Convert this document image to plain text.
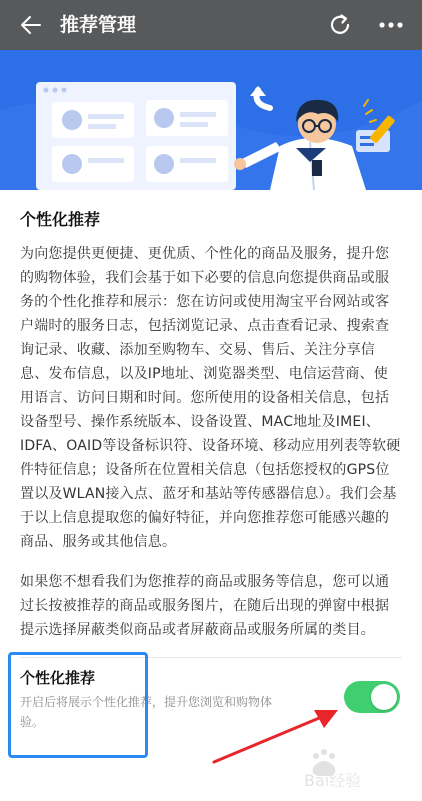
推荐管理
个性化推荐

为向您提供更便捷、更优质、个性化的商品及服务，提升您的购物体验，我们会基于如下必要的信息向您提供商品或服务的个性化推荐和展示：您在访问或使用淘宝平台网站或客户端时的服务日志，包括浏览记录、点击查看记录、搜索查询记录、收藏、添加至购物车、交易、售后、关注分享信息、发布信息，以及IP地址、浏览器类型、电信运营商、使用语言、访问日期和时间。您所使用的设备相关信息，包括设备型号、操作系统版本、设备设置、MAC地址及IMEI、IDFA、OAID等设备标识符、设备环境、移动应用列表等软硬件特征信息；设备所在位置相关信息（包括您授权的GPS位置以及WLAN接入点、蓝牙和基站等传感器信息）。我们会基于以上信息提取您的偏好特征，并向您推荐您可能感兴趣的商品、服务或其他信息。

如果您不想看我们为您推荐的商品或服务等信息，您可以通过长按被推荐的商品或服务图片，在随后出现的弹窗中根据提示选择屏蔽类似商品或者屏蔽商品或服务所属的类目。

个性化推荐
开启后将展示个性化推荐，提升您浏览和购物体验。
Bai经验
